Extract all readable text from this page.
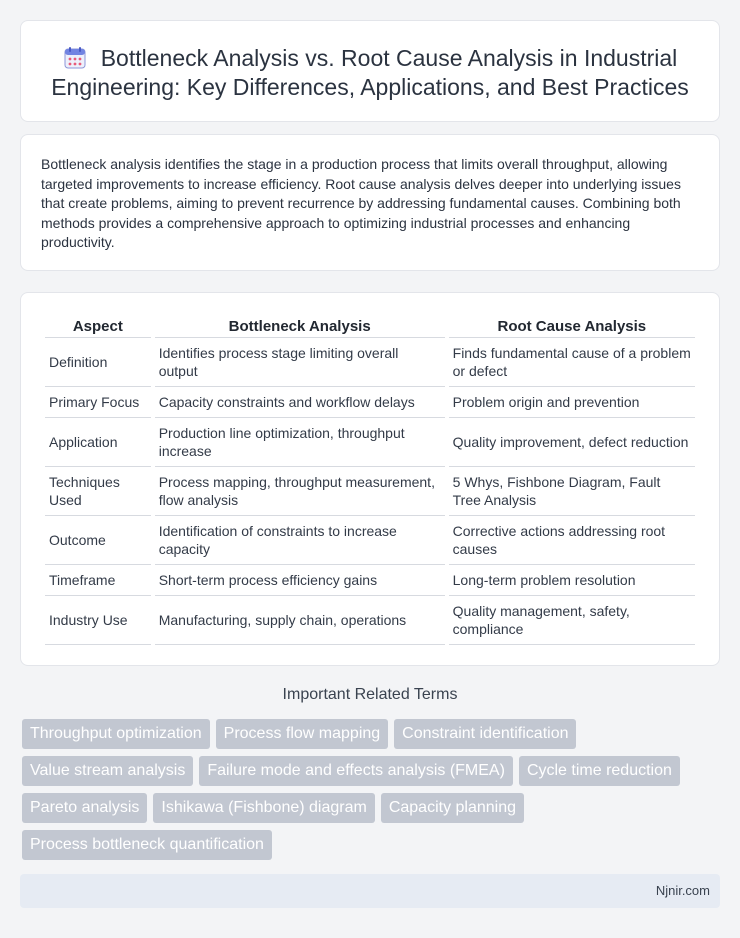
Bottleneck Analysis vs. Root Cause Analysis in Industrial Engineering: Key Differences, Applications, and Best Practices

Bottleneck analysis identifies the stage in a production process that limits overall throughput, allowing targeted improvements to increase efficiency. Root cause analysis delves deeper into underlying issues that create problems, aiming to prevent recurrence by addressing fundamental causes. Combining both methods provides a comprehensive approach to optimizing industrial processes and enhancing productivity.

Aspect	Bottleneck Analysis	Root Cause Analysis
Definition	Identifies process stage limiting overall output	Finds fundamental cause of a problem or defect
Primary Focus	Capacity constraints and workflow delays	Problem origin and prevention
Application	Production line optimization, throughput increase	Quality improvement, defect reduction
Techniques Used	Process mapping, throughput measurement, flow analysis	5 Whys, Fishbone Diagram, Fault Tree Analysis
Outcome	Identification of constraints to increase capacity	Corrective actions addressing root causes
Timeframe	Short-term process efficiency gains	Long-term problem resolution
Industry Use	Manufacturing, supply chain, operations	Quality management, safety, compliance
Important Related Terms
Throughput optimization	Process flow mapping	Constraint identification
Value stream analysis	Failure mode and effects analysis (FMEA)	Cycle time reduction
Pareto analysis	Ishikawa (Fishbone) diagram	Capacity planning
Process bottleneck quantification
Njnir.com
